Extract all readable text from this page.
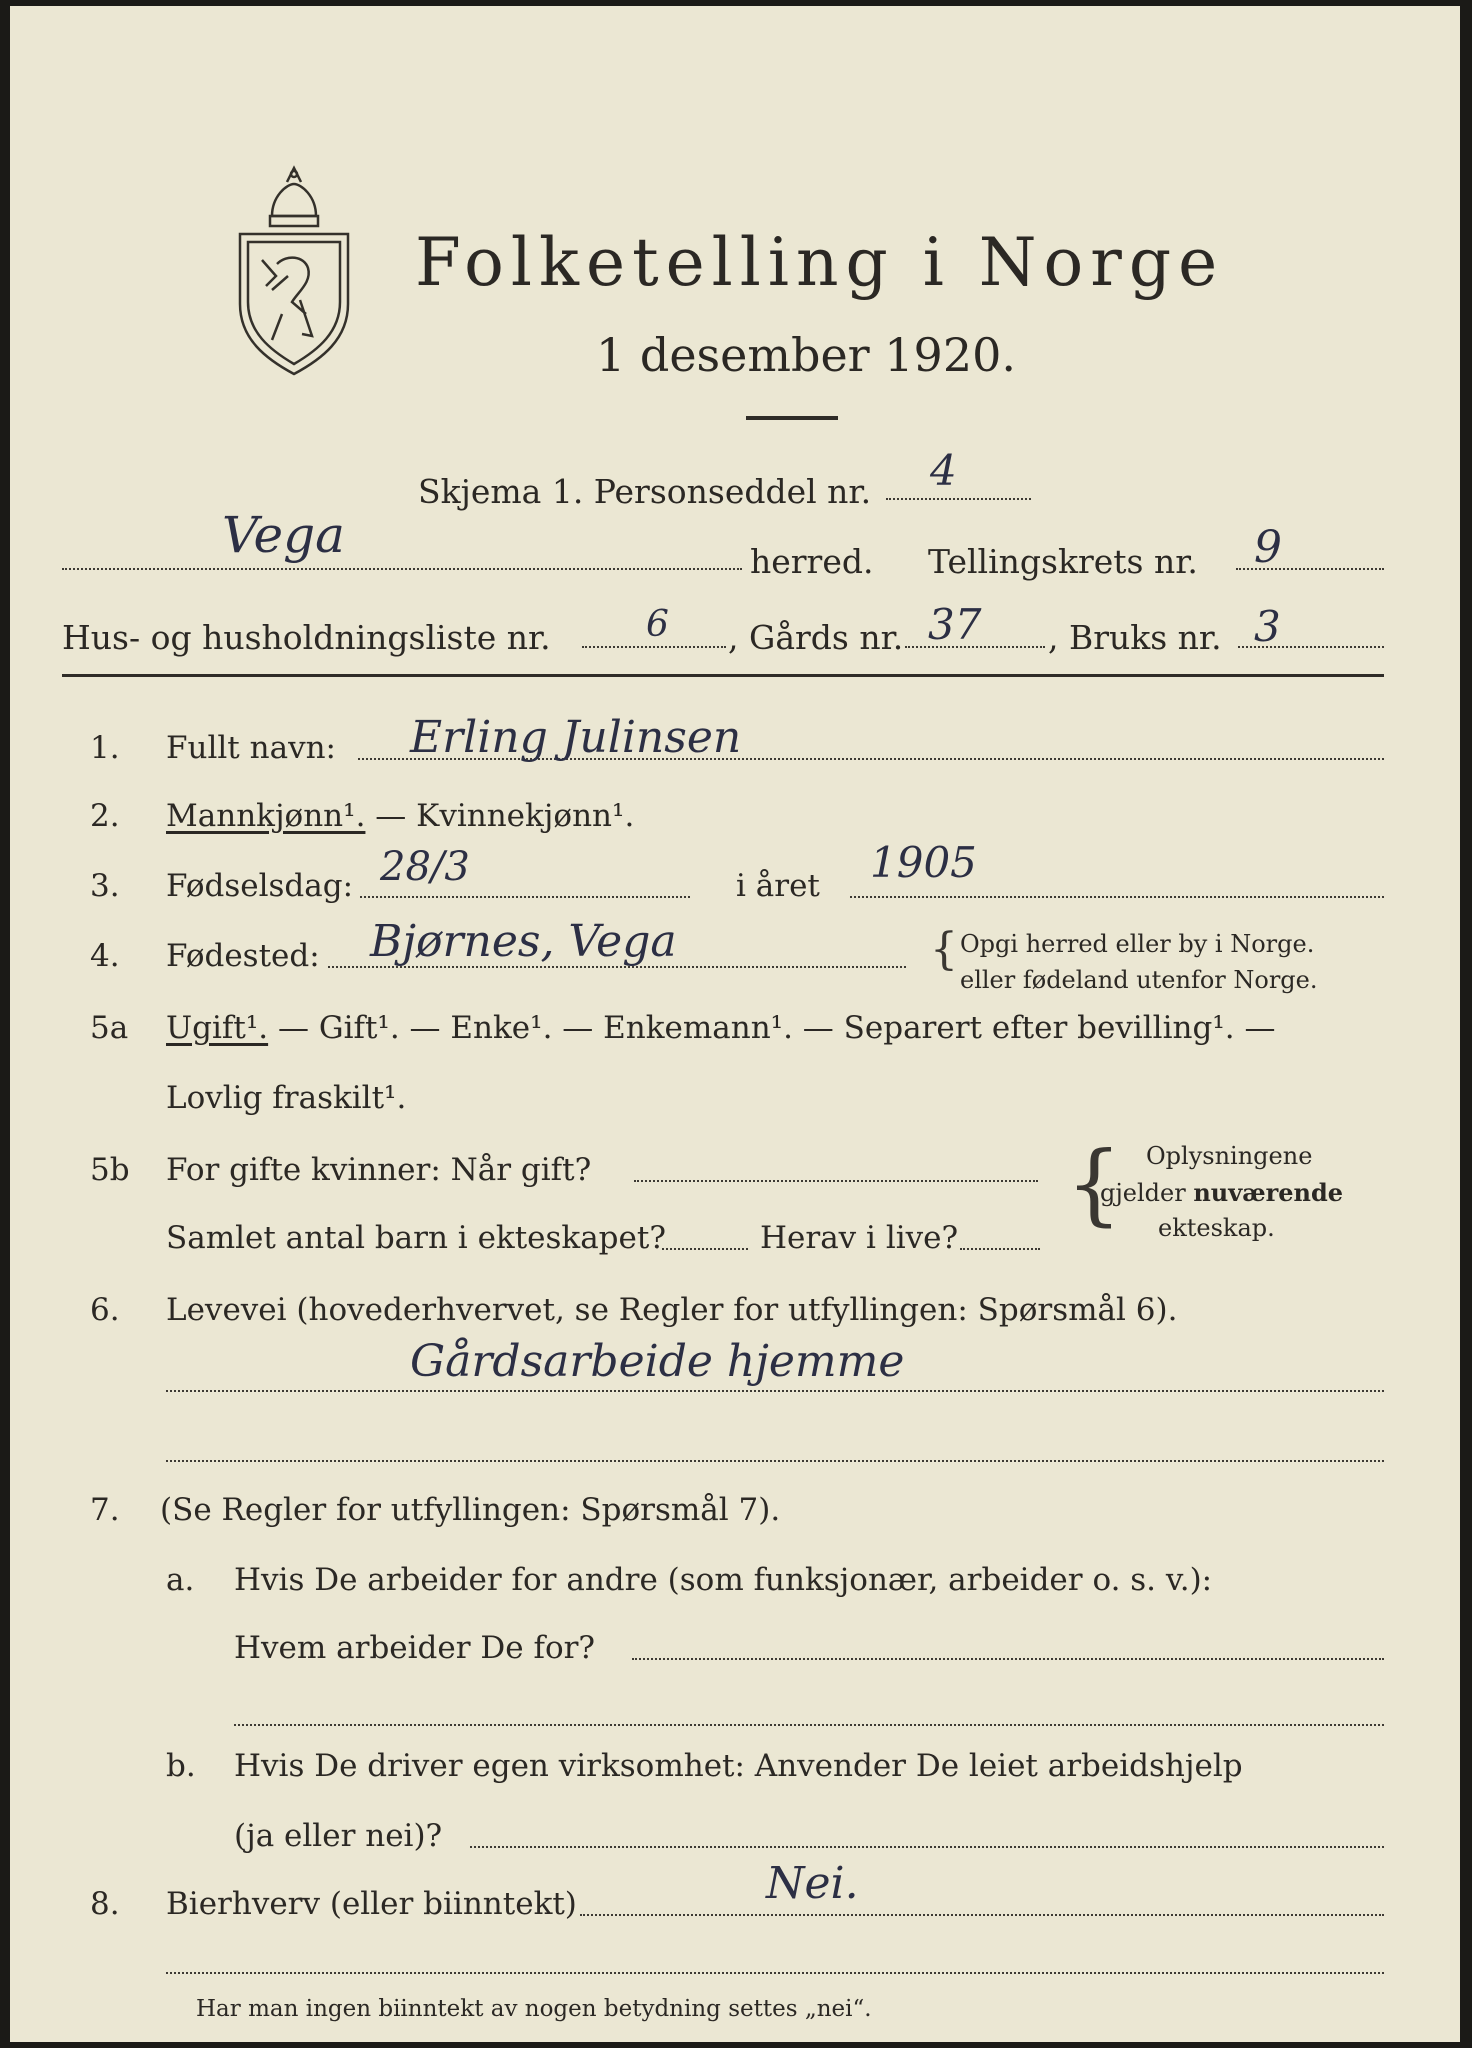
Folketelling i Norge
1 desember 1920.
Skjema 1. Personseddel nr. 4
Vega	herred. Tellingskrets nr. 9
Hus- og husholdningsliste nr.	6 , Gårds nr. 37 , Bruks nr. 3
1. Fullt navn: Erling Julinsen
2. Mannkjønn¹. — Kvinnekjønn¹.
3. Fødselsdag: 28/3	i året 1905
4. Fødested: Bjørnes, Vega	{ Opgi herred eller by i Norge.
eller fødeland utenfor Norge.
5a Ugift¹. — Gift¹. — Enke¹. — Enkemann¹. — Separert efter bevilling¹. —
Lovlig fraskilt¹.
5b For gifte kvinner: Når gift?
Samlet antal barn i ekteskapet?	Herav i live?
{ Oplysningene
gjelder nuværende
ekteskap.
6. Levevei (hovederhvervet, se Regler for utfyllingen: Spørsmål 6).
Gårdsarbeide hjemme
7. (Se Regler for utfyllingen: Spørsmål 7).
a. Hvis De arbeider for andre (som funksjonær, arbeider o. s. v.):
Hvem arbeider De for?
b. Hvis De driver egen virksomhet: Anvender De leiet arbeidshjelp
(ja eller nei)?
8. Bierhverv (eller biinntekt)	Nei.
Har man ingen biinntekt av nogen betydning settes „nei“.
